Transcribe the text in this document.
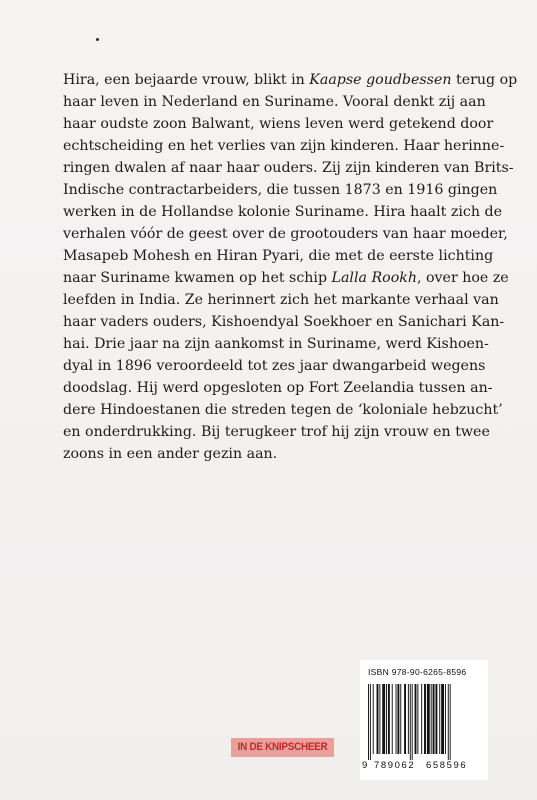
Hira, een bejaarde vrouw, blikt in Kaapse goudbessen terug op
haar leven in Nederland en Suriname. Vooral denkt zij aan
haar oudste zoon Balwant, wiens leven werd getekend door
echtscheiding en het verlies van zijn kinderen. Haar herinne-
ringen dwalen af naar haar ouders. Zij zijn kinderen van Brits-
Indische contractarbeiders, die tussen 1873 en 1916 gingen
werken in de Hollandse kolonie Suriname. Hira haalt zich de
verhalen vóór de geest over de grootouders van haar moeder,
Masapeb Mohesh en Hiran Pyari, die met de eerste lichting
naar Suriname kwamen op het schip Lalla Rookh, over hoe ze
leefden in India. Ze herinnert zich het markante verhaal van
haar vaders ouders, Kishoendyal Soekhoer en Sanichari Kan-
hai. Drie jaar na zijn aankomst in Suriname, werd Kishoen-
dyal in 1896 veroordeeld tot zes jaar dwangarbeid wegens
doodslag. Hij werd opgesloten op Fort Zeelandia tussen an-
dere Hindoestanen die streden tegen de ‘koloniale hebzucht’
en onderdrukking. Bij terugkeer trof hij zijn vrouw en twee
zoons in een ander gezin aan.
ISBN 978-90-6265-8596
9 789062 658596
IN DE KNIPSCHEER
